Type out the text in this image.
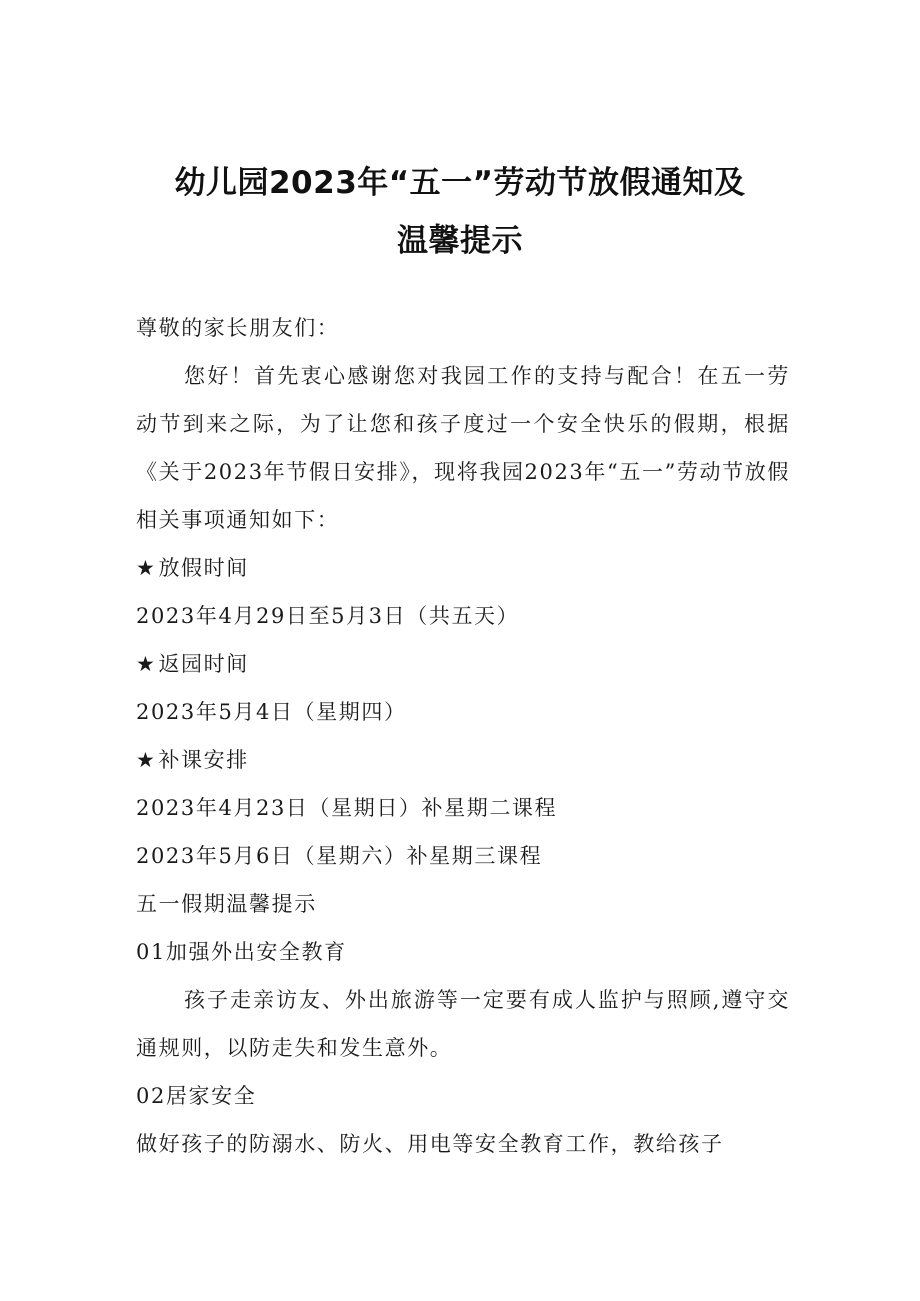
幼儿园2023年“五一”劳动节放假通知及
温馨提示

尊敬的家长朋友们：

您好！首先衷心感谢您对我园工作的支持与配合！在五一劳动节到来之际，为了让您和孩子度过一个安全快乐的假期，根据《关于2023年节假日安排》，现将我园2023年“五一”劳动节放假相关事项通知如下：

★放假时间

2023年4月29日至5月3日（共五天）

★返园时间

2023年5月4日（星期四）

★补课安排

2023年4月23日（星期日）补星期二课程

2023年5月6日（星期六）补星期三课程

五一假期温馨提示

01加强外出安全教育

孩子走亲访友、外出旅游等一定要有成人监护与照顾,遵守交通规则，以防走失和发生意外。

02居家安全

做好孩子的防溺水、防火、用电等安全教育工作，教给孩子
